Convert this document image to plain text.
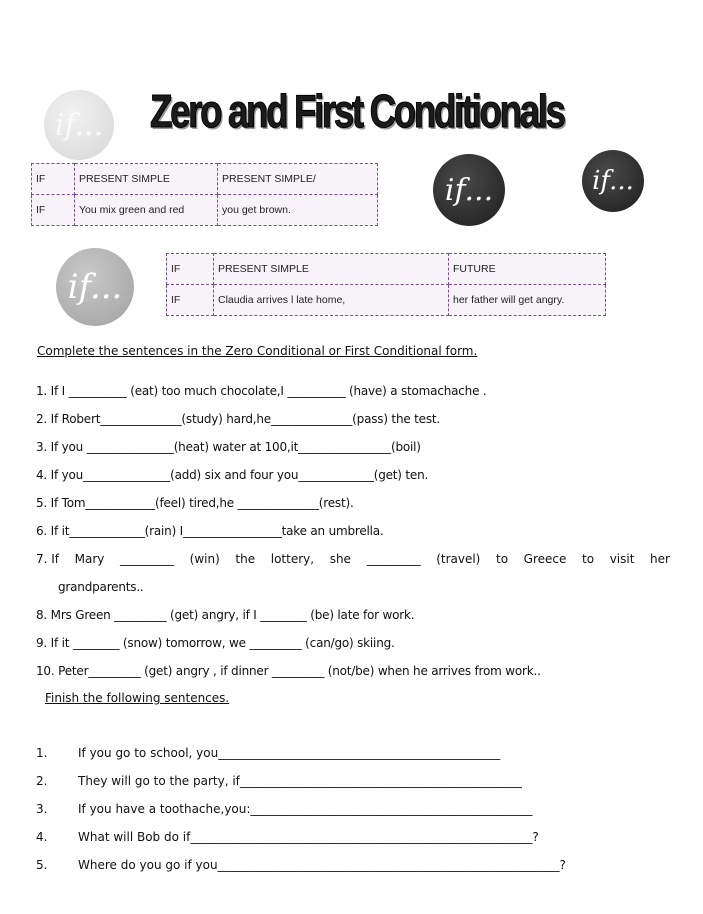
Zero and First Conditionals
if...
if...	if...
if...
IF	PRESENT SIMPLE	PRESENT SIMPLE/
IF	You mix green and red	you get brown.
IF	PRESENT SIMPLE	FUTURE
IF	Claudia arrives l late home,	her father will get angry.
Complete the sentences in the Zero Conditional or First Conditional form.
1. If I __________ (eat) too much chocolate,I __________ (have) a stomachache .
2. If Robert______________(study) hard,he______________(pass) the test.
3. If you _______________(heat) water at 100,it________________(boil)
4. If you_______________(add) six and four you_____________(get) ten.
5. If Tom____________(feel) tired,he ______________(rest).
6. If it_____________(rain) I_________________take an umbrella.
7. If Mary _________ (win) the lottery, she _________ (travel) to Greece to visit her
grandparents..
8. Mrs Green _________ (get) angry, if I ________ (be) late for work.
9. If it ________ (snow) tomorrow, we _________ (can/go) skiing.
10. Peter_________ (get) angry , if dinner _________ (not/be) when he arrives from work..
Finish the following sentences.
1.	If you go to school, you_______________________________________________
2.	They will go to the party, if_______________________________________________
3.	If you have a toothache,you:_______________________________________________
4.	What will Bob do if_________________________________________________________?
5.	Where do you go if you_________________________________________________________?
